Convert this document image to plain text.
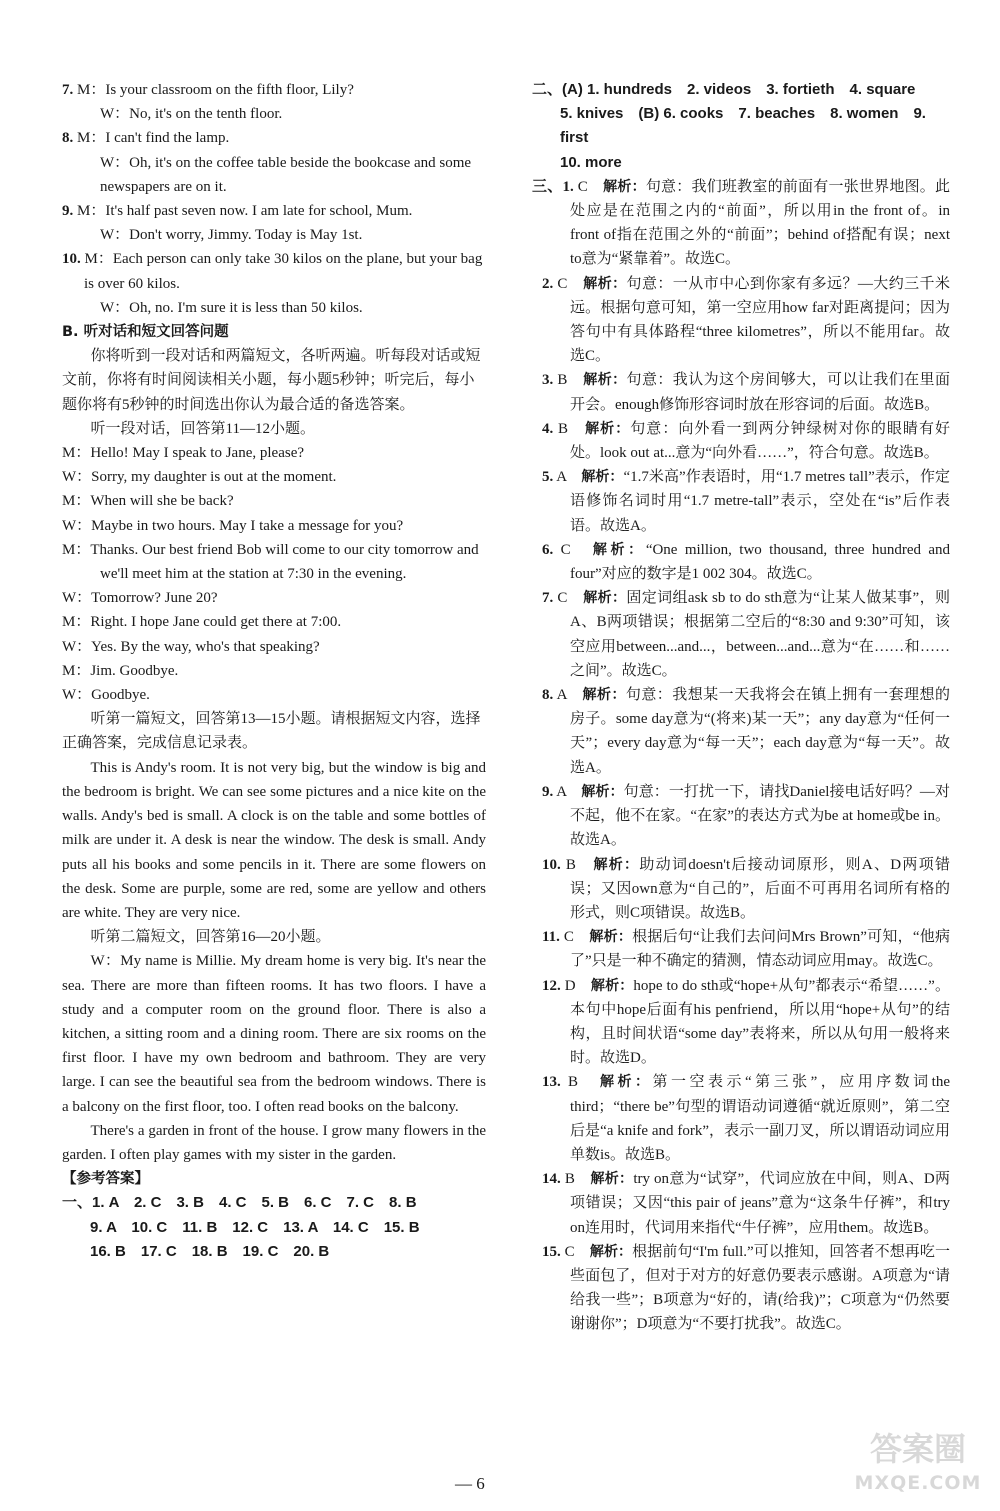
7. M：Is your classroom on the fifth floor, Lily?

W：No, it's on the tenth floor.

8. M：I can't find the lamp.

W：Oh, it's on the coffee table beside the bookcase and some newspapers are on it.

9. M：It's half past seven now. I am late for school, Mum.

W：Don't worry, Jimmy. Today is May 1st.

10. M：Each person can only take 30 kilos on the plane, but your bag is over 60 kilos.

W：Oh, no. I'm sure it is less than 50 kilos.

B. 听对话和短文回答问题

你将听到一段对话和两篇短文，各听两遍。听每段对话或短文前，你将有时间阅读相关小题，每小题5秒钟；听完后，每小题你将有5秒钟的时间选出你认为最合适的备选答案。

听一段对话，回答第11—12小题。

M：Hello! May I speak to Jane, please?

W：Sorry, my daughter is out at the moment.

M：When will she be back?

W：Maybe in two hours. May I take a message for you?

M：Thanks. Our best friend Bob will come to our city tomorrow and we'll meet him at the station at 7:30 in the evening.

W：Tomorrow? June 20?

M：Right. I hope Jane could get there at 7:00.

W：Yes. By the way, who's that speaking?

M：Jim. Goodbye.

W：Goodbye.

听第一篇短文，回答第13—15小题。请根据短文内容，选择正确答案，完成信息记录表。

This is Andy's room. It is not very big, but the window is big and the bedroom is bright. We can see some pictures and a nice kite on the walls. Andy's bed is small. A clock is on the table and some bottles of milk are under it. A desk is near the window. The desk is small. Andy puts all his books and some pencils in it. There are some flowers on the desk. Some are purple, some are red, some are yellow and others are white. They are very nice.

听第二篇短文，回答第16—20小题。

W：My name is Millie. My dream home is very big. It's near the sea. There are more than fifteen rooms. It has two floors. I have a study and a computer room on the ground floor. There is also a kitchen, a sitting room and a dining room. There are six rooms on the first floor. I have my own bedroom and bathroom. They are very large. I can see the beautiful sea from the bedroom windows. There is a balcony on the first floor, too. I often read books on the balcony.

There's a garden in front of the house. I grow many flowers in the garden. I often play games with my sister in the garden.

【参考答案】

一、1. A　2. C　3. B　4. C　5. B　6. C　7. C　8. B

9. A　10. C　11. B　12. C　13. A　14. C　15. B

16. B　17. C　18. B　19. C　20. B

二、(A) 1. hundreds　2. videos　3. fortieth　4. square

5. knives　(B) 6. cooks　7. beaches　8. women　9. first

10. more

三、1. C　 解析：句意：我们班教室的前面有一张世界地图。此处应是在范围之内的“前面”，所以用in the front of。in front of指在范围之外的“前面”；behind of搭配有误；next to意为“紧靠着”。故选C。

2. C　 解析：句意：一从市中心到你家有多远？—大约三千米远。根据句意可知，第一空应用how far对距离提问；因为答句中有具体路程“three kilometres”，所以不能用far。故选C。

3. B　 解析：句意：我认为这个房间够大，可以让我们在里面开会。enough修饰形容词时放在形容词的后面。故选B。

4. B　 解析：句意：向外看一到两分钟绿树对你的眼睛有好处。look out at...意为“向外看……”，符合句意。故选B。

5. A　 解析：“1.7米高”作表语时，用“1.7 metres tall”表示，作定语修饰名词时用“1.7 metre-tall”表示，空处在“is”后作表语。故选A。

6. C　 解析：“One million, two thousand, three hundred and four”对应的数字是1 002 304。故选C。

7. C　 解析：固定词组ask sb to do sth意为“让某人做某事”，则A、B两项错误；根据第二空后的“8:30 and 9:30”可知，该空应用between...and...，between...and...意为“在……和……之间”。故选C。

8. A　 解析：句意：我想某一天我将会在镇上拥有一套理想的房子。some day意为“(将来)某一天”；any day意为“任何一天”；every day意为“每一天”；each day意为“每一天”。故选A。

9. A　 解析：句意：一打扰一下，请找Daniel接电话好吗？—对不起，他不在家。“在家”的表达方式为be at home或be in。故选A。

10. B　 解析：助动词doesn't后接动词原形，则A、D两项错误；又因own意为“自己的”，后面不可再用名词所有格的形式，则C项错误。故选B。

11. C　 解析：根据后句“让我们去问问Mrs Brown”可知，“他病了”只是一种不确定的猜测，情态动词应用may。故选C。

12. D　 解析：hope to do sth或“hope+从句”都表示“希望……”。本句中hope后面有his penfriend，所以用“hope+从句”的结构，且时间状语“some day”表将来，所以从句用一般将来时。故选D。

13. B　 解析：第一空表示“第三张”，应用序数词the third；“there be”句型的谓语动词遵循“就近原则”，第二空后是“a knife and fork”，表示一副刀叉，所以谓语动词应用单数is。故选B。

14. B　 解析：try on意为“试穿”，代词应放在中间，则A、D两项错误；又因“this pair of jeans”意为“这条牛仔裤”，和try on连用时，代词用来指代“牛仔裤”，应用them。故选B。

15. C　 解析：根据前句“I'm full.”可以推知，回答者不想再吃一些面包了，但对于对方的好意仍要表示感谢。A项意为“请给我一些”；B项意为“好的，请(给我)”；C项意为“仍然要谢谢你”；D项意为“不要打扰我”。故选C。

— 6
答案圈
MXQE.COM
